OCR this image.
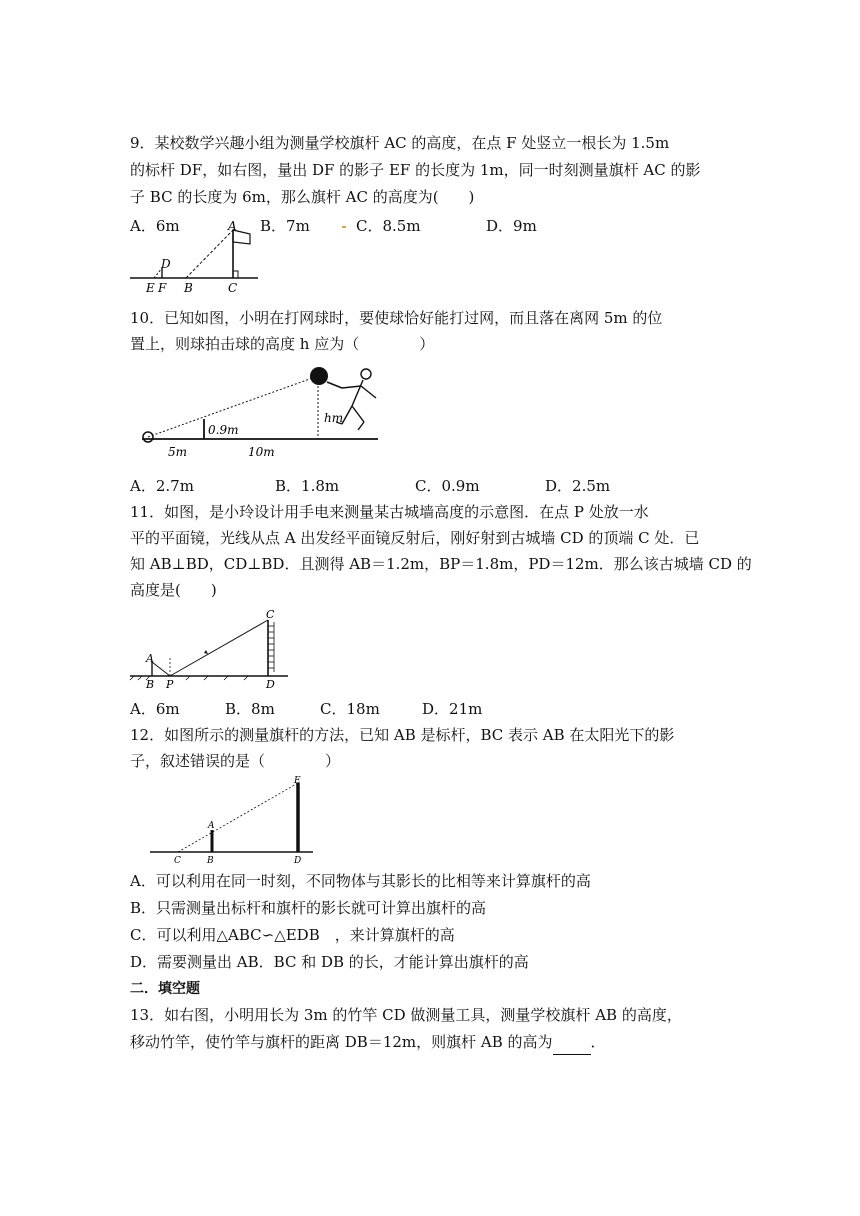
9．某校数学兴趣小组为测量学校旗杆 AC 的高度，在点 F 处竖立一根长为 1.5m
的标杆 DF，如右图，量出 DF 的影子 EF 的长度为 1m，同一时刻测量旗杆 AC 的影
子 BC 的长度为 6m，那么旗杆 AC 的高度为(　　)
A．6m	B．7m	C．8.5m	D．9m
A
D
E F B	C
10．已知如图，小明在打网球时，要使球恰好能打过网，而且落在离网 5m 的位
置上，则球拍击球的高度 h 应为（　　　　）
0.9m
hm
5m	10m
A．2.7m	B．1.8m	C．0.9m	D．2.5m
11．如图，是小玲设计用手电来测量某古城墙高度的示意图．在点 P 处放一水
平的平面镜，光线从点 A 出发经平面镜反射后，刚好射到古城墙 CD 的顶端 C 处．已
知 AB⊥BD，CD⊥BD．且测得 AB＝1.2m，BP＝1.8m，PD＝12m．那么该古城墙 CD 的
高度是(　　)
A
B P
C
D
A．6m	B．8m	C．18m	D．21m
12．如图所示的测量旗杆的方法，已知 AB 是标杆，BC 表示 AB 在太阳光下的影
子，叙述错误的是（　　　　）
E
A
C	B	D
A．可以利用在同一时刻，不同物体与其影长的比相等来计算旗杆的高
B．只需测量出标杆和旗杆的影长就可计算出旗杆的高
C．可以利用△ABC∽△EDB　，来计算旗杆的高
D．需要测量出 AB．BC 和 DB 的长，才能计算出旗杆的高
二．填空题
13．如右图，小明用长为 3m 的竹竿 CD 做测量工具，测量学校旗杆 AB 的高度，
移动竹竿，使竹竿与旗杆的距离 DB＝12m，则旗杆 AB 的高为	．
